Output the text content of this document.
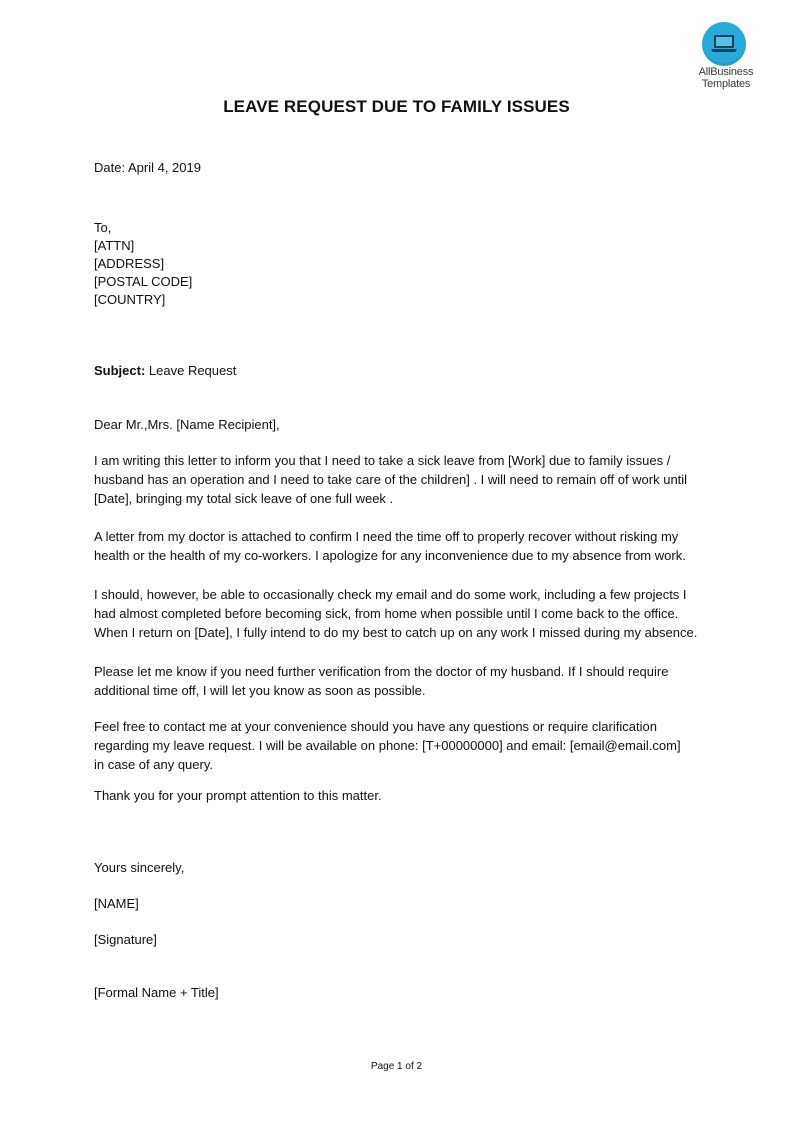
AllBusiness
Templates
LEAVE REQUEST DUE TO FAMILY ISSUES
Date: April 4, 2019
To,
[ATTN]
[ADDRESS]
[POSTAL CODE]
[COUNTRY]
Subject: Leave Request
Dear Mr.,Mrs. [Name Recipient],
I am writing this letter to inform you that I need to take a sick leave from [Work] due to family issues /
husband has an operation and I need to take care of the children] . I will need to remain off of work until
[Date], bringing my total sick leave of one full week .
A letter from my doctor is attached to confirm I need the time off to properly recover without risking my
health or the health of my co-workers. I apologize for any inconvenience due to my absence from work.
I should, however, be able to occasionally check my email and do some work, including a few projects I
had almost completed before becoming sick, from home when possible until I come back to the office.
When I return on [Date], I fully intend to do my best to catch up on any work I missed during my absence.
Please let me know if you need further verification from the doctor of my husband. If I should require
additional time off, I will let you know as soon as possible.
Feel free to contact me at your convenience should you have any questions or require clarification
regarding my leave request. I will be available on phone: [T+00000000] and email: [email@email.com]
in case of any query.
Thank you for your prompt attention to this matter.
Yours sincerely,
[NAME]
[Signature]
[Formal Name + Title]
Page 1 of 2
